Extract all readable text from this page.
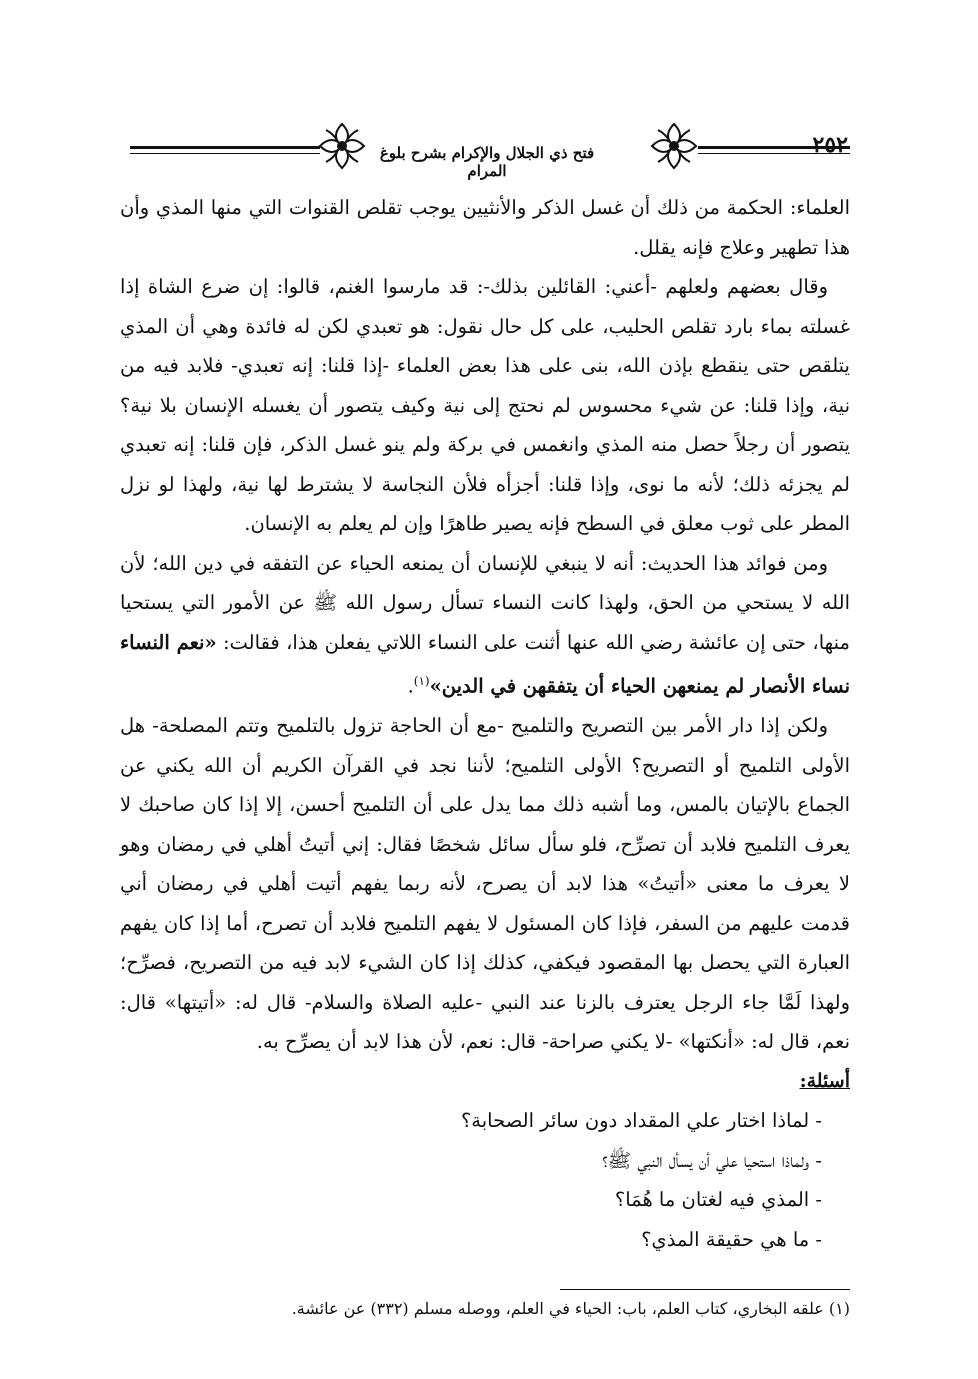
فتح ذي الجلال والإكرام بشرح بلوغ المرام
٢٥٢

العلماء: الحكمة من ذلك أن غسل الذكر والأنثيين يوجب تقلص القنوات التي منها المذي وأن هذا تطهير وعلاج فإنه يقلل.

وقال بعضهم ولعلهم -أعني: القائلين بذلك-: قد مارسوا الغنم، قالوا: إن ضرع الشاة إذا غسلته بماء بارد تقلص الحليب، على كل حال نقول: هو تعبدي لكن له فائدة وهي أن المذي يتلقص حتى ينقطع بإذن الله، بنى على هذا بعض العلماء -إذا قلنا: إنه تعبدي- فلابد فيه من نية، وإذا قلنا: عن شيء محسوس لم نحتج إلى نية وكيف يتصور أن يغسله الإنسان بلا نية؟ يتصور أن رجلاً حصل منه المذي وانغمس في بركة ولم ينو غسل الذكر، فإن قلنا: إنه تعبدي لم يجزئه ذلك؛ لأنه ما نوى، وإذا قلنا: أجزأه فلأن النجاسة لا يشترط لها نية، ولهذا لو نزل المطر على ثوب معلق في السطح فإنه يصير طاهرًا وإن لم يعلم به الإنسان.

ومن فوائد هذا الحديث: أنه لا ينبغي للإنسان أن يمنعه الحياء عن التفقه في دين الله؛ لأن الله لا يستحي من الحق، ولهذا كانت النساء تسأل رسول الله ﷺ عن الأمور التي يستحيا منها، حتى إن عائشة رضي الله عنها أثنت على النساء اللاتي يفعلن هذا، فقالت: «نعم النساء نساء الأنصار لم يمنعهن الحياء أن يتفقهن في الدين»$^{(١)}$.

ولكن إذا دار الأمر بين التصريح والتلميح -مع أن الحاجة تزول بالتلميح وتتم المصلحة- هل الأولى التلميح أو التصريح؟ الأولى التلميح؛ لأننا نجد في القرآن الكريم أن الله يكني عن الجماع بالإتيان بالمس، وما أشبه ذلك مما يدل على أن التلميح أحسن، إلا إذا كان صاحبك لا يعرف التلميح فلابد أن تصرِّح، فلو سأل سائل شخصًا فقال: إني أتيتُ أهلي في رمضان وهو لا يعرف ما معنى «أتيتُ» هذا لابد أن يصرح، لأنه ربما يفهم أتيت أهلي في رمضان أني قدمت عليهم من السفر، فإذا كان المسئول لا يفهم التلميح فلابد أن تصرح، أما إذا كان يفهم العبارة التي يحصل بها المقصود فيكفي، كذلك إذا كان الشيء لابد فيه من التصريح، فصرِّح؛ ولهذا لَمَّا جاء الرجل يعترف بالزنا عند النبي -عليه الصلاة والسلام- قال له: «أتيتها» قال: نعم، قال له: «أنكتها» -لا يكني صراحة- قال: نعم، لأن هذا لابد أن يصرِّح به.

أسئلة:

- لماذا اختار علي المقداد دون سائر الصحابة؟
- ولماذا استحيا علي أن يسأل النبي ﷺ؟
- المذي فيه لغتان ما هُمَا؟
- ما هي حقيقة المذي؟
(١) علقه البخاري، كتاب العلم، باب: الحياء في العلم، ووصله مسلم (٣٣٢) عن عائشة.
